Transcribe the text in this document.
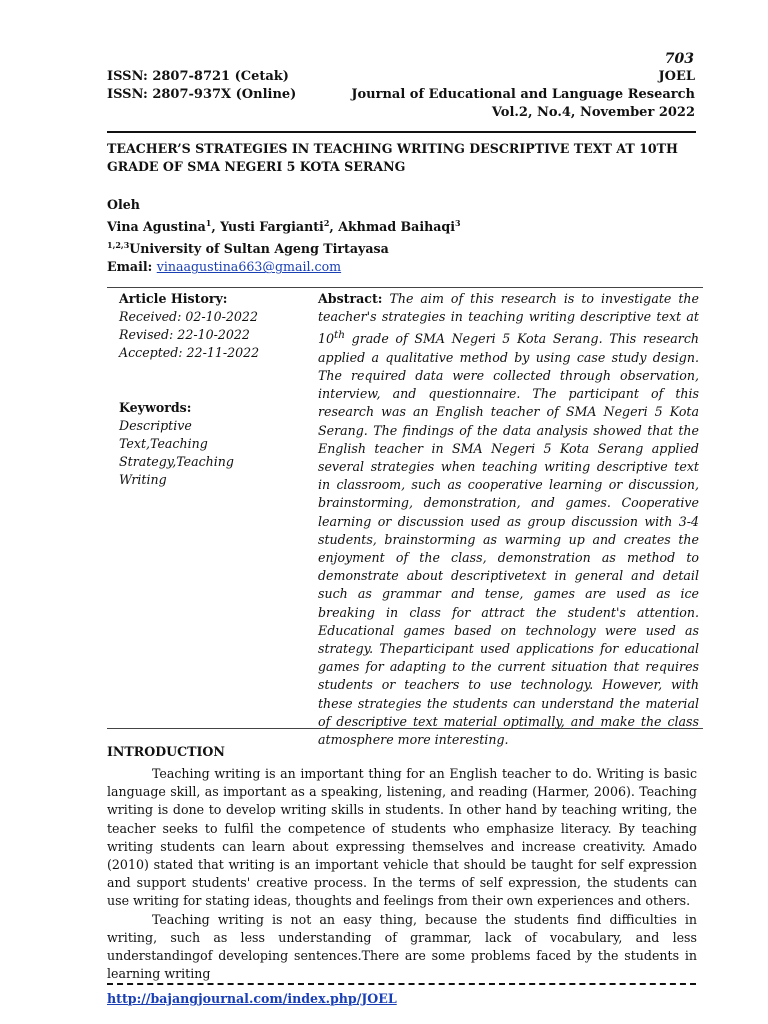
703
ISSN: 2807-8721 (Cetak)
ISSN: 2807-937X (Online)
JOEL
Journal of Educational and Language Research
Vol.2, No.4, November 2022
TEACHER’S STRATEGIES IN TEACHING WRITING DESCRIPTIVE TEXT AT 10TH GRADE OF SMA NEGERI 5 KOTA SERANG
Oleh
Vina Agustina$^1$, Yusti Fargianti$^2$, Akhmad Baihaqi$^3$
$^{1,2,3}$University of Sultan Ageng Tirtayasa
Email: vinaagustina663@gmail.com
Article History:
Received: 02-10-2022
Revised: 22-10-2022
Accepted: 22-11-2022
Keywords:
Descriptive Text,Teaching Strategy,Teaching Writing
Abstract: The aim of this research is to investigate the teacher's strategies in teaching writing descriptive text at 10th grade of SMA Negeri 5 Kota Serang. This research applied a qualitative method by using case study design. The required data were collected through observation, interview, and questionnaire. The participant of this research was an English teacher of SMA Negeri 5 Kota Serang. The findings of the data analysis showed that the English teacher in SMA Negeri 5 Kota Serang applied several strategies when teaching writing descriptive text in classroom, such as cooperative learning or discussion, brainstorming, demonstration, and games. Cooperative learning or discussion used as group discussion with 3-4 students, brainstorming as warming up and creates the enjoyment of the class, demonstration as method to demonstrate about descriptivetext in general and detail such as grammar and tense, games are used as ice breaking in class for attract the student's attention. Educational games based on technology were used as strategy. Theparticipant used applications for educational games for adapting to the current situation that requires students or teachers to use technology. However, with these strategies the students can understand the material of descriptive text material optimally, and make the class atmosphere more interesting.
INTRODUCTION

Teaching writing is an important thing for an English teacher to do. Writing is basic language skill, as important as a speaking, listening, and reading (Harmer, 2006). Teaching writing is done to develop writing skills in students. In other hand by teaching writing, the teacher seeks to fulfil the competence of students who emphasize literacy. By teaching writing students can learn about expressing themselves and increase creativity. Amado (2010) stated that writing is an important vehicle that should be taught for self expression and support students' creative process. In the terms of self expression, the students can use writing for stating ideas, thoughts and feelings from their own experiences and others.

Teaching writing is not an easy thing, because the students find difficulties in writing, such as less understanding of grammar, lack of vocabulary, and less understandingof developing sentences.There are some problems faced by the students in learning writing

http://bajangjournal.com/index.php/JOEL
